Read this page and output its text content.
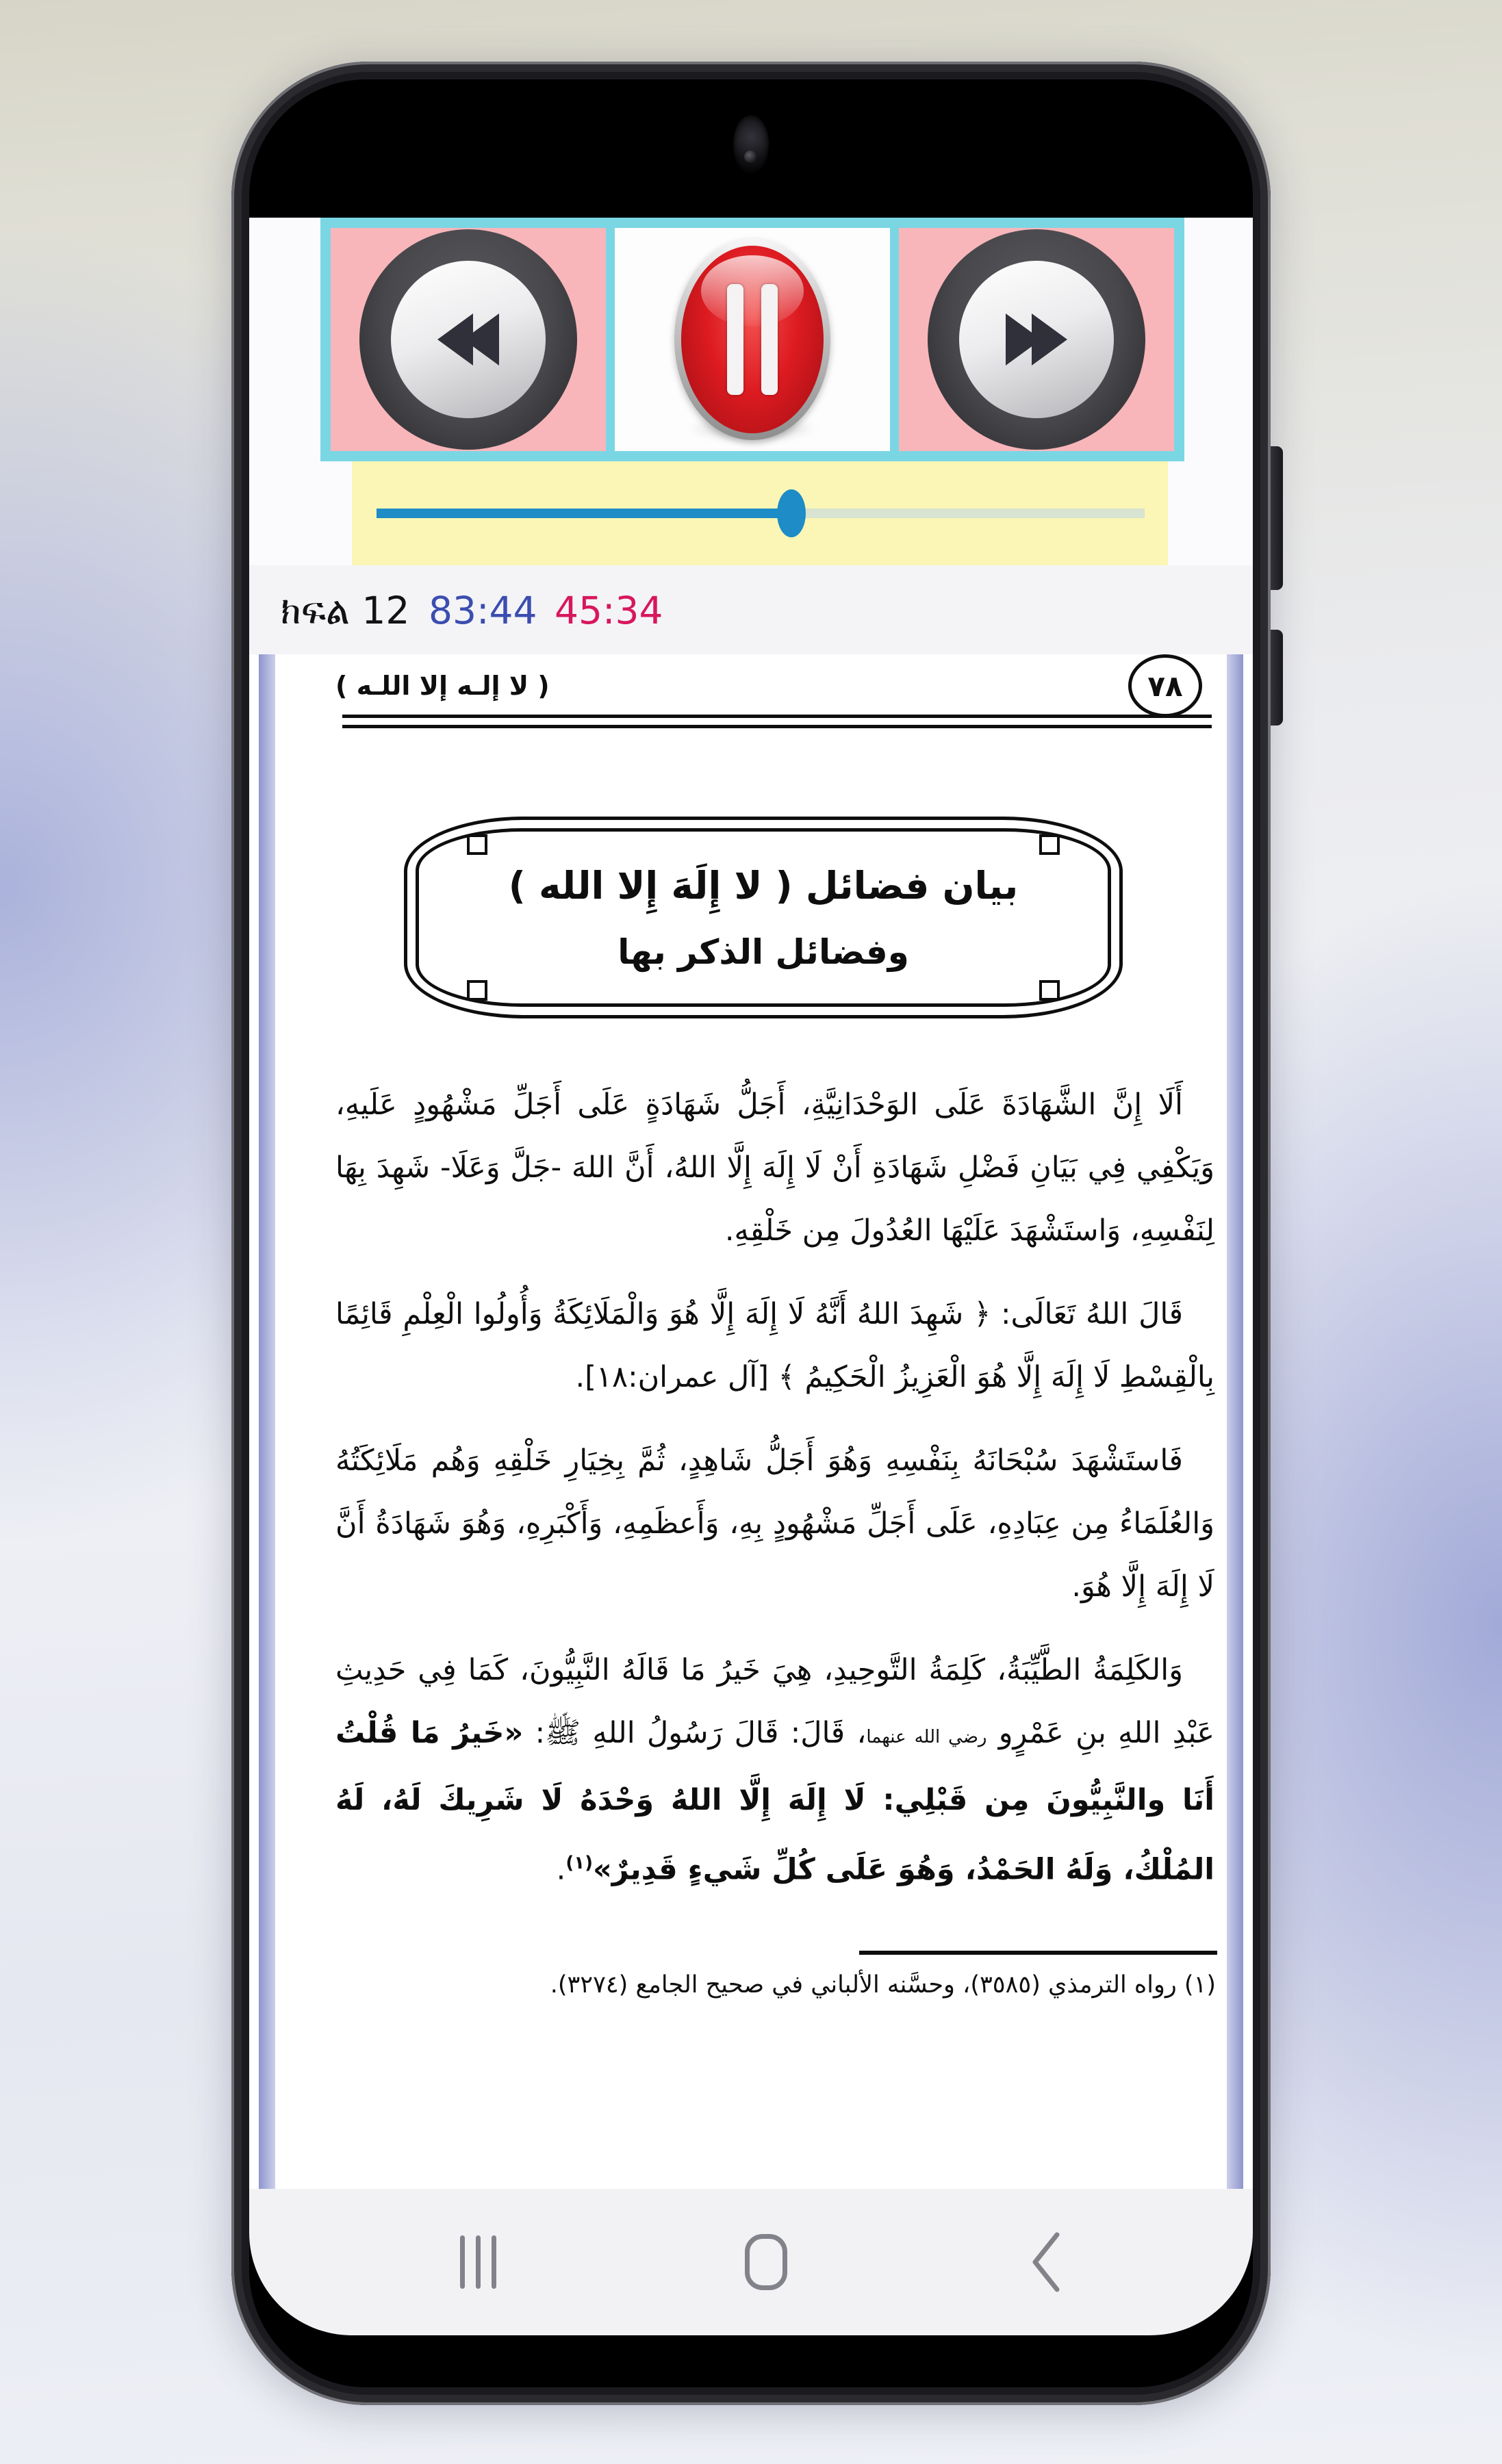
ክፍል 12 83:44 45:34
( لا إلـه إلا اللـه )	٧٨
بيان فضائل ( لا إِلَهَ إِلا الله )
وفضائل الذكر بها

أَلَا إِنَّ الشَّهَادَةَ عَلَى الوَحْدَانِيَّةِ، أَجَلُّ شَهَادَةٍ عَلَى أَجَلِّ مَشْهُودٍ عَلَيهِ، وَيَكْفِي فِي بَيَانِ فَضْلِ شَهَادَةِ أَنْ لَا إِلَهَ إِلَّا اللهُ، أَنَّ اللهَ -جَلَّ وَعَلَا- شَهِدَ بِهَا لِنَفْسِهِ، وَاستَشْهَدَ عَلَيْهَا العُدُولَ مِن خَلْقِهِ.

قَالَ اللهُ تَعَالَى: ﴿ شَهِدَ اللهُ أَنَّهُ لَا إِلَهَ إِلَّا هُوَ وَالْمَلَائِكَةُ وَأُولُوا الْعِلْمِ قَائِمًا بِالْقِسْطِ لَا إِلَهَ إِلَّا هُوَ الْعَزِيزُ الْحَكِيمُ ﴾ [آل عمران:١٨].

فَاستَشْهَدَ سُبْحَانَهُ بِنَفْسِهِ وَهُوَ أَجَلُّ شَاهِدٍ، ثُمَّ بِخِيَارِ خَلْقِهِ وَهُم مَلَائِكَتُهُ وَالعُلَمَاءُ مِن عِبَادِهِ، عَلَى أَجَلِّ مَشْهُودٍ بِهِ، وَأَعظَمِهِ، وَأَكْبَرِهِ، وَهُوَ شَهَادَةُ أَنَّ لَا إِلَهَ إِلَّا هُوَ.

وَالكَلِمَةُ الطَّيِّبَةُ، كَلِمَةُ التَّوحِيدِ، هِيَ خَيرُ مَا قَالَهُ النَّبِيُّونَ، كَمَا فِي حَدِيثِ عَبْدِ اللهِ بنِ عَمْرٍو رضي الله عنهما، قَالَ: قَالَ رَسُولُ اللهِ ﷺ: «خَيرُ مَا قُلْتُ أَنَا والنَّبِيُّونَ مِن قَبْلِي: لَا إِلَهَ إِلَّا اللهُ وَحْدَهُ لَا شَرِيكَ لَهُ، لَهُ المُلْكُ، وَلَهُ الحَمْدُ، وَهُوَ عَلَى كُلِّ شَيءٍ قَدِيرٌ»$^{(١)}$.

(١) رواه الترمذي (٣٥٨٥)، وحسَّنه الألباني في صحيح الجامع (٣٢٧٤).
